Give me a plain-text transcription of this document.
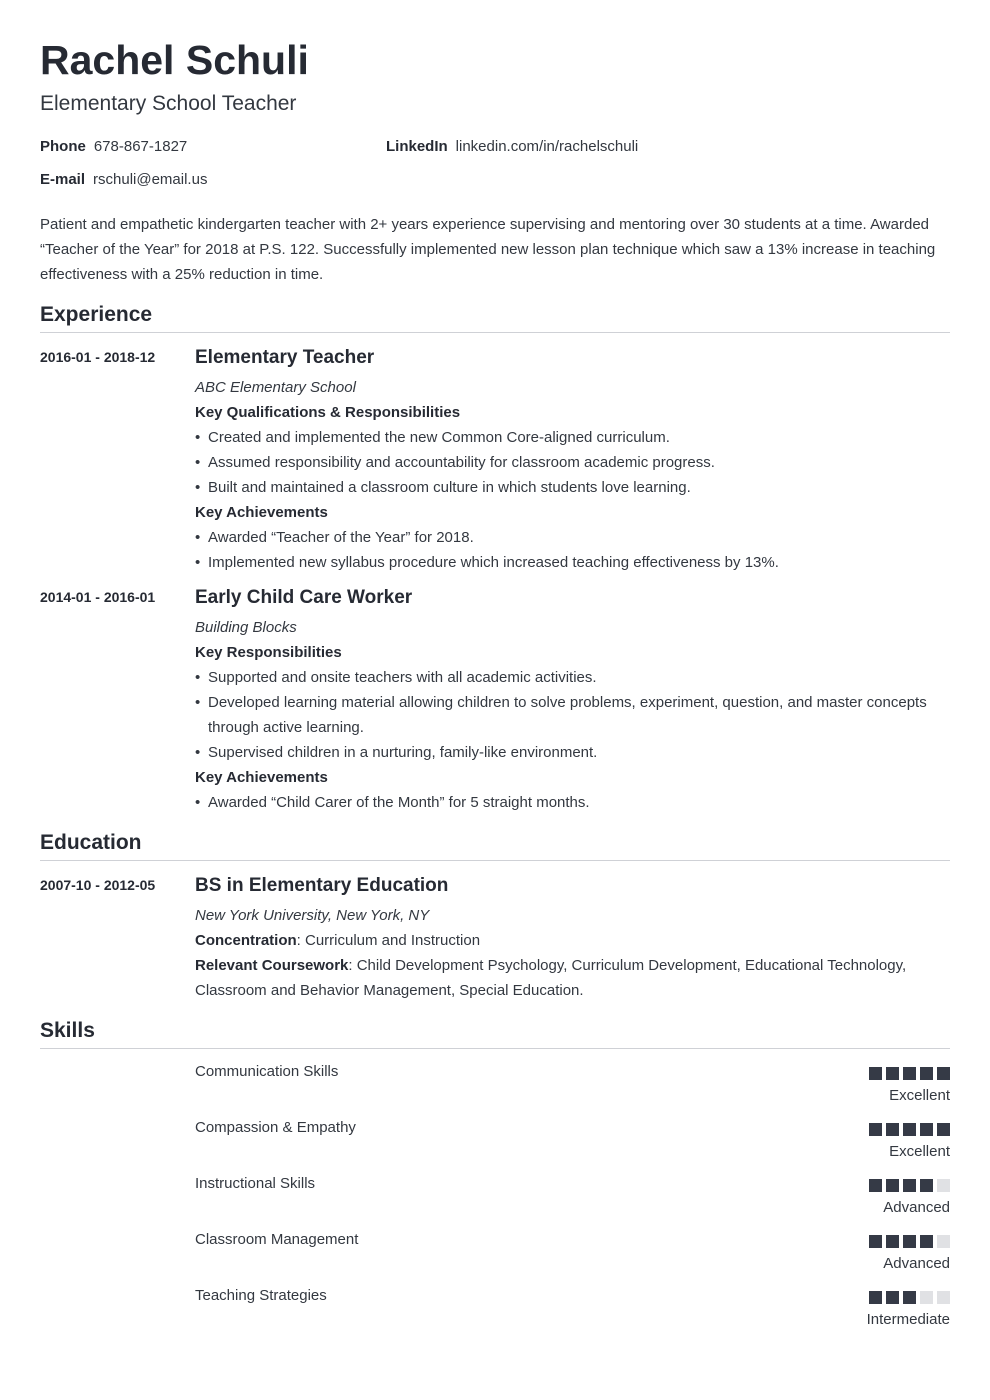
Rachel Schuli
Elementary School Teacher
Phone 678-867-1827	LinkedIn linkedin.com/in/rachelschuli
E-mail rschuli@email.us
Patient and empathetic kindergarten teacher with 2+ years experience supervising and mentoring over 30 students at a time. Awarded “Teacher of the Year” for 2018 at P.S. 122. Successfully implemented new lesson plan technique which saw a 13% increase in teaching effectiveness with a 25% reduction in time.
Experience
2016-01 - 2018-12 Elementary Teacher
ABC Elementary School
Key Qualifications & Responsibilities
• Created and implemented the new Common Core-aligned curriculum.
• Assumed responsibility and accountability for classroom academic progress.
• Built and maintained a classroom culture in which students love learning.
Key Achievements
• Awarded “Teacher of the Year” for 2018.
• Implemented new syllabus procedure which increased teaching effectiveness by 13%.
2014-01 - 2016-01 Early Child Care Worker
Building Blocks
Key Responsibilities
• Supported and onsite teachers with all academic activities.
• Developed learning material allowing children to solve problems, experiment, question, and master concepts through active learning.
• Supervised children in a nurturing, family-like environment.
Key Achievements
• Awarded “Child Carer of the Month” for 5 straight months.
Education
2007-10 - 2012-05 BS in Elementary Education
New York University, New York, NY
Concentration: Curriculum and Instruction
Relevant Coursework: Child Development Psychology, Curriculum Development, Educational Technology, Classroom and Behavior Management, Special Education.
Skills
Communication Skills
Excellent
Compassion & Empathy
Excellent
Instructional Skills
Advanced
Classroom Management
Advanced
Teaching Strategies
Intermediate
